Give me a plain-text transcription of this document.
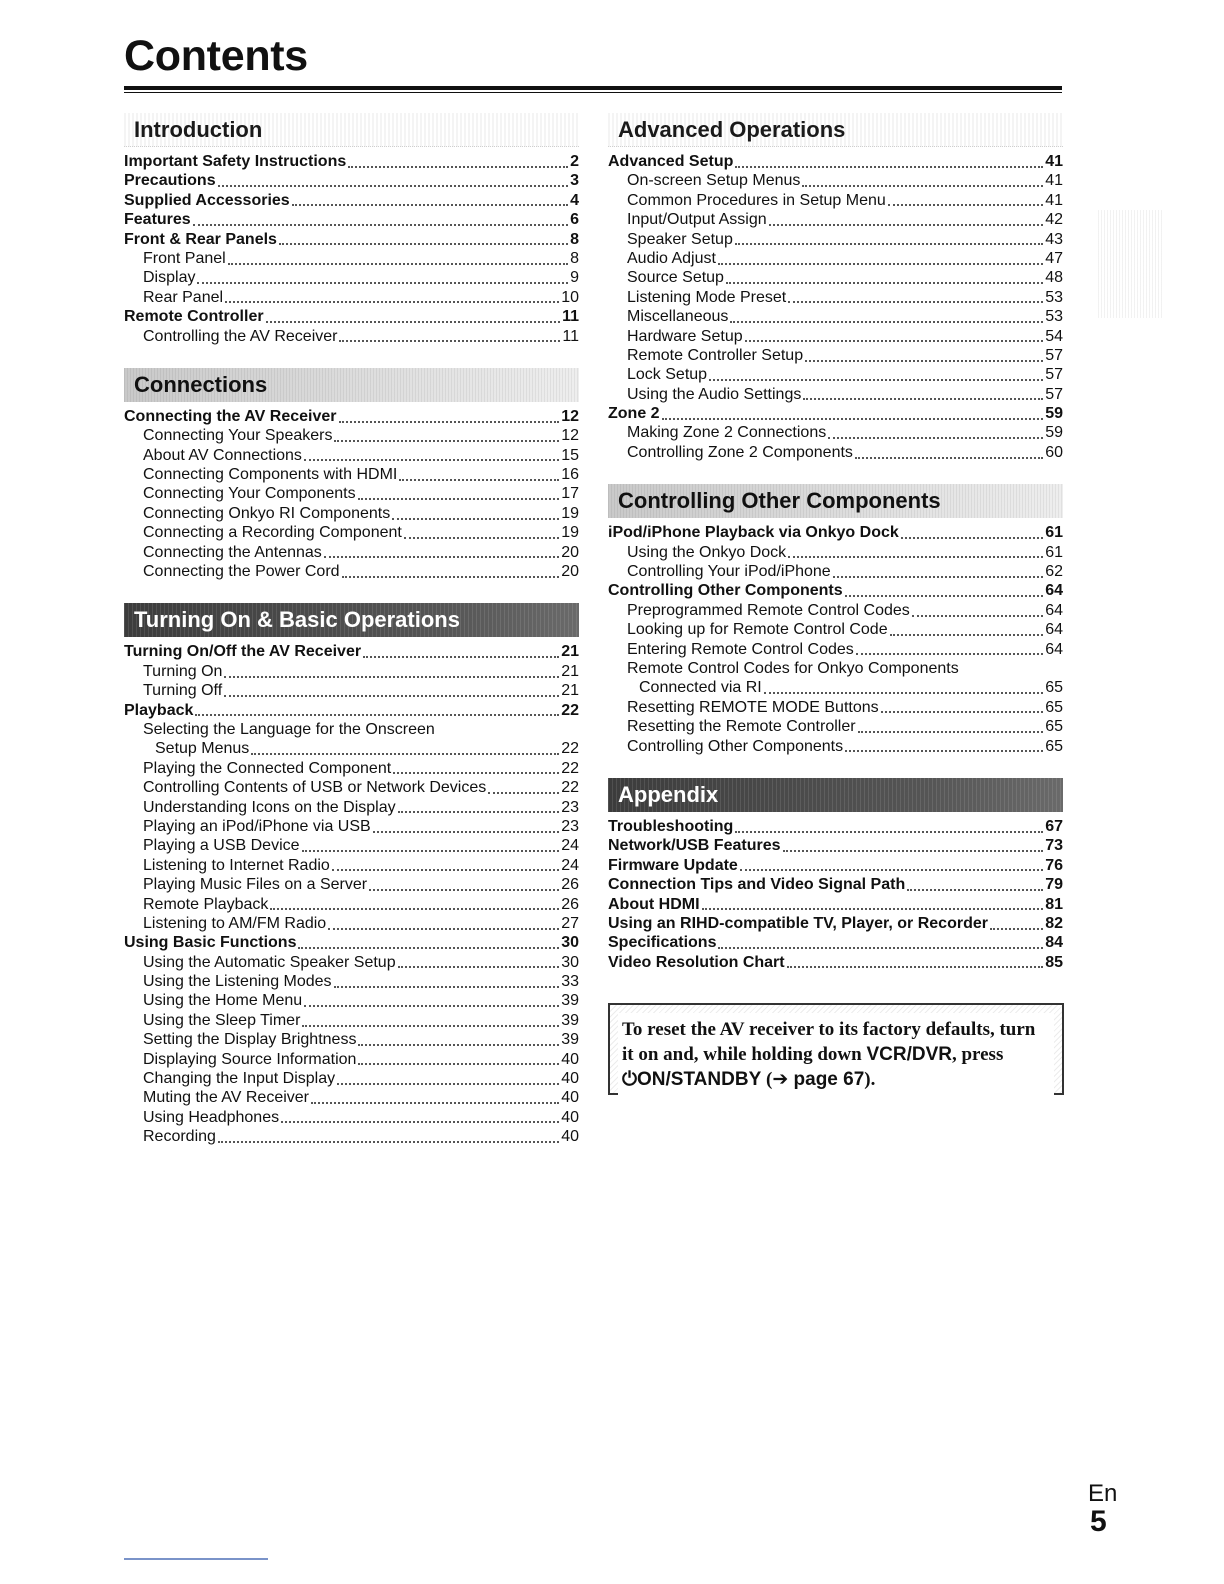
Contents
Introduction
Important Safety Instructions	2
Precautions	3
Supplied Accessories	4
Features	6
Front & Rear Panels	8
Front Panel	8
Display	9
Rear Panel	10
Remote Controller	11
Controlling the AV Receiver	11
Connections
Connecting the AV Receiver	12
Connecting Your Speakers	12
About AV Connections	15
Connecting Components with HDMI	16
Connecting Your Components	17
Connecting Onkyo RI Components	19
Connecting a Recording Component	19
Connecting the Antennas	20
Connecting the Power Cord	20
Turning On & Basic Operations
Turning On/Off the AV Receiver	21
Turning On	21
Turning Off	21
Playback	22
Selecting the Language for the Onscreen
Setup Menus	22
Playing the Connected Component	22
Controlling Contents of USB or Network Devices	22
Understanding Icons on the Display	23
Playing an iPod/iPhone via USB	23
Playing a USB Device	24
Listening to Internet Radio	24
Playing Music Files on a Server	26
Remote Playback	26
Listening to AM/FM Radio	27
Using Basic Functions	30
Using the Automatic Speaker Setup	30
Using the Listening Modes	33
Using the Home Menu	39
Using the Sleep Timer	39
Setting the Display Brightness	39
Displaying Source Information	40
Changing the Input Display	40
Muting the AV Receiver	40
Using Headphones	40
Recording	40
Advanced Operations
Advanced Setup	41
On-screen Setup Menus	41
Common Procedures in Setup Menu	41
Input/Output Assign	42
Speaker Setup	43
Audio Adjust	47
Source Setup	48
Listening Mode Preset	53
Miscellaneous	53
Hardware Setup	54
Remote Controller Setup	57
Lock Setup	57
Using the Audio Settings	57
Zone 2	59
Making Zone 2 Connections	59
Controlling Zone 2 Components	60
Controlling Other Components
iPod/iPhone Playback via Onkyo Dock	61
Using the Onkyo Dock	61
Controlling Your iPod/iPhone	62
Controlling Other Components	64
Preprogrammed Remote Control Codes	64
Looking up for Remote Control Code	64
Entering Remote Control Codes	64
Remote Control Codes for Onkyo Components
Connected via RI	65
Resetting REMOTE MODE Buttons	65
Resetting the Remote Controller	65
Controlling Other Components	65
Appendix
Troubleshooting	67
Network/USB Features	73
Firmware Update	76
Connection Tips and Video Signal Path	79
About HDMI	81
Using an RIHD-compatible TV, Player, or Recorder	82
Specifications	84
Video Resolution Chart	85
To reset the AV receiver to its factory defaults, turn
it on and, while holding down VCR/DVR, press
⏻ON/STANDBY (➔ page 67).
En
5
